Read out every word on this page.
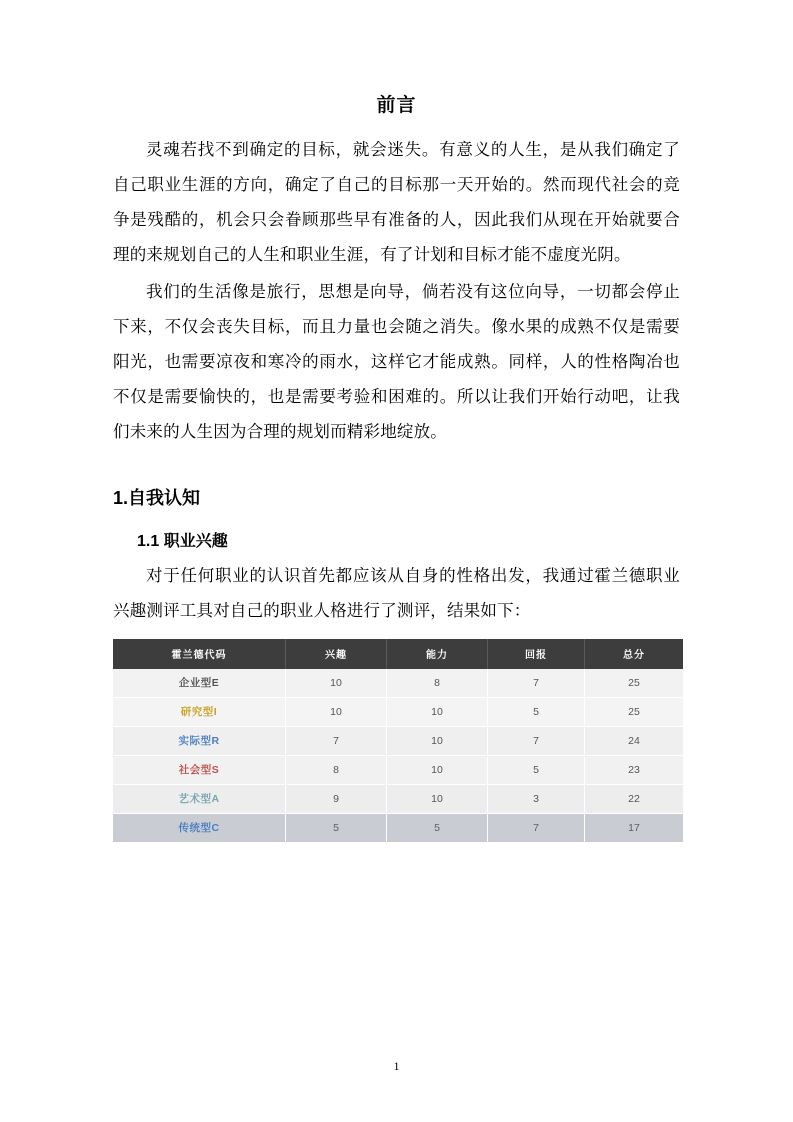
前言

灵魂若找不到确定的目标，就会迷失。有意义的人生，是从我们确定了自己职业生涯的方向，确定了自己的目标那一天开始的。然而现代社会的竞争是残酷的，机会只会眷顾那些早有准备的人，因此我们从现在开始就要合理的来规划自己的人生和职业生涯，有了计划和目标才能不虚度光阴。

我们的生活像是旅行，思想是向导，倘若没有这位向导，一切都会停止下来，不仅会丧失目标，而且力量也会随之消失。像水果的成熟不仅是需要阳光，也需要凉夜和寒冷的雨水，这样它才能成熟。同样，人的性格陶冶也不仅是需要愉快的，也是需要考验和困难的。所以让我们开始行动吧，让我们未来的人生因为合理的规划而精彩地绽放。

1.自我认知
1.1 职业兴趣

对于任何职业的认识首先都应该从自身的性格出发，我通过霍兰德职业兴趣测评工具对自己的职业人格进行了测评，结果如下：

霍兰德代码	兴趣	能力	回报	总分
企业型E	10	8	7	25
研究型I	10	10	5	25
实际型R	7	10	7	24
社会型S	8	10	5	23
艺术型A	9	10	3	22
传统型C	5	5	7	17
1
